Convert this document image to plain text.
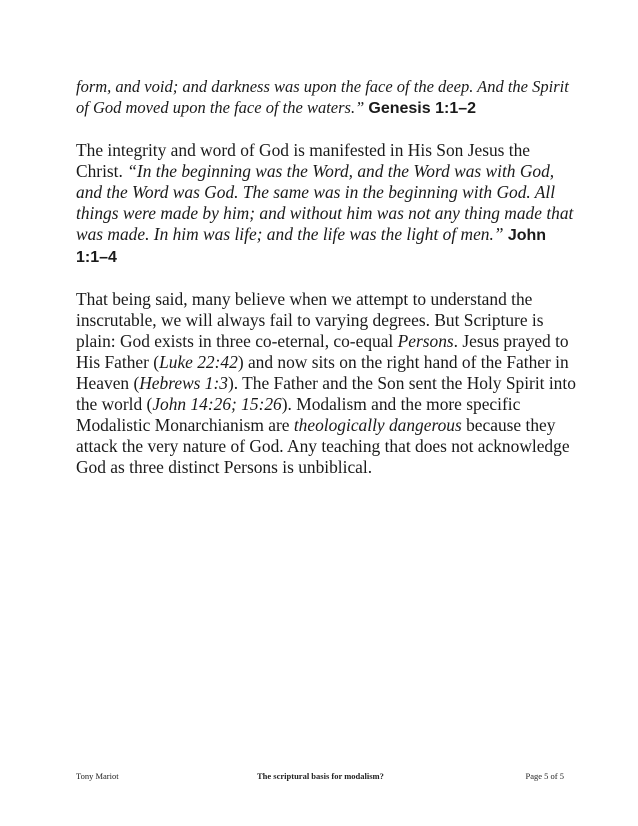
form, and void; and darkness was upon the face of the deep. And the Spirit of God moved upon the face of the waters.” Genesis 1:1–2

The integrity and word of God is manifested in His Son Jesus the Christ. “In the beginning was the Word, and the Word was with God, and the Word was God. The same was in the beginning with God. All things were made by him; and without him was not any thing made that was made. In him was life; and the life was the light of men.” John 1:1–4

That being said, many believe when we attempt to understand the inscrutable, we will always fail to varying degrees. But Scripture is plain: God exists in three co-eternal, co-equal Persons. Jesus prayed to His Father (Luke 22:42) and now sits on the right hand of the Father in Heaven (Hebrews 1:3). The Father and the Son sent the Holy Spirit into the world (John 14:26; 15:26). Modalism and the more specific Modalistic Monarchianism are theologically dangerous because they attack the very nature of God. Any teaching that does not acknowledge God as three distinct Persons is unbiblical.

Tony Mariot	The scriptural basis for modalism?	Page 5 of 5
